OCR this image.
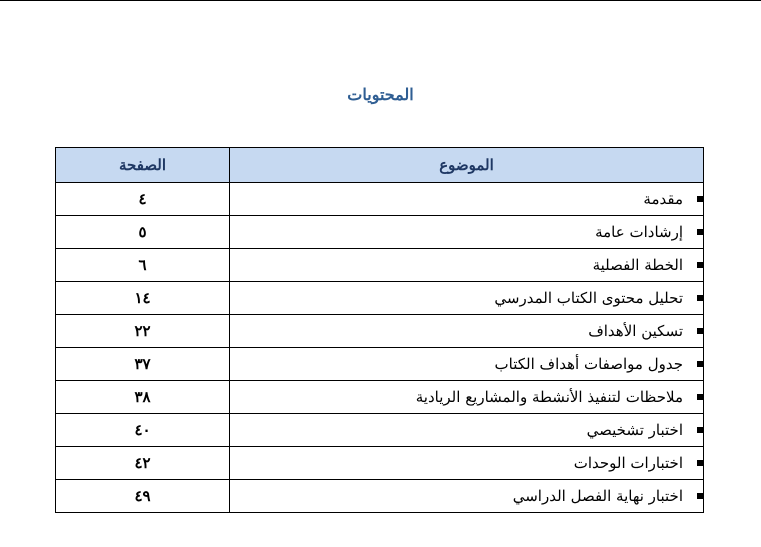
المحتويات
الموضوع	الصفحة
مقدمة	٤
إرشادات عامة	٥
الخطة الفصلية	٦
تحليل محتوى الكتاب المدرسي	١٤
تسكين الأهداف	٢٢
جدول مواصفات أهداف الكتاب	٣٧
ملاحظات لتنفيذ الأنشطة والمشاريع الريادية	٣٨
اختبار تشخيصي	٤٠
اختبارات الوحدات	٤٢
اختبار نهاية الفصل الدراسي	٤٩
